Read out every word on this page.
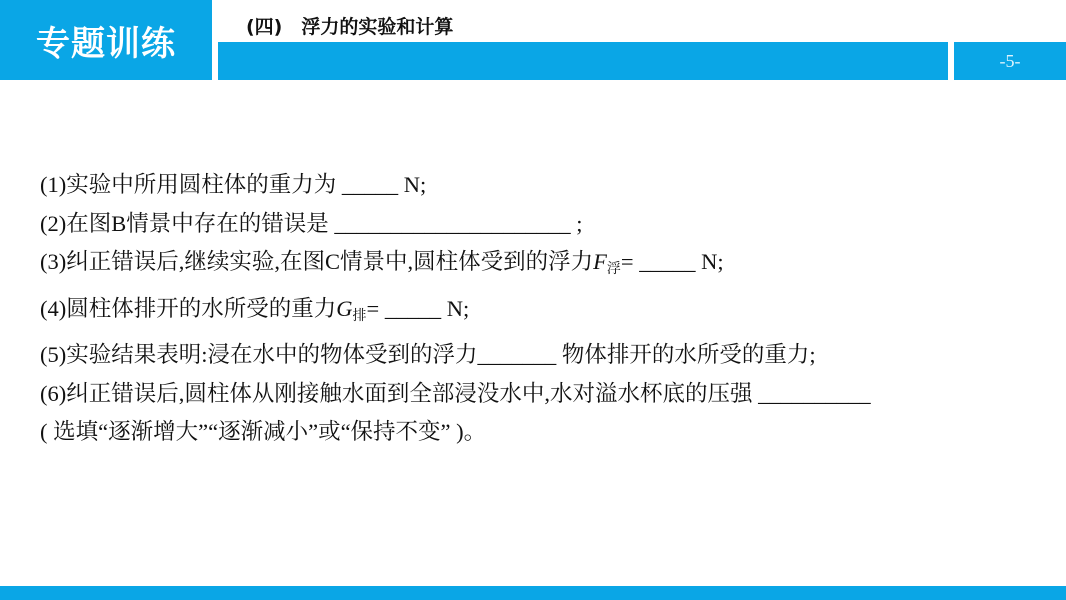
专题训练	(四)　浮力的实验和计算
-5-
(1)实验中所用圆柱体的重力为 _____ N;
(2)在图B情景中存在的错误是 _____________________ ;
(3)纠正错误后,继续实验,在图C情景中,圆柱体受到的浮力$F_浮=$ _____ N;
(4)圆柱体排开的水所受的重力$G_排=$ _____ N;
(5)实验结果表明:浸在水中的物体受到的浮力_______ 物体排开的水所受的重力;
(6)纠正错误后,圆柱体从刚接触水面到全部浸没水中,水对溢水杯底的压强 __________
( 选填“逐渐增大”“逐渐减小”或“保持不变” )。
